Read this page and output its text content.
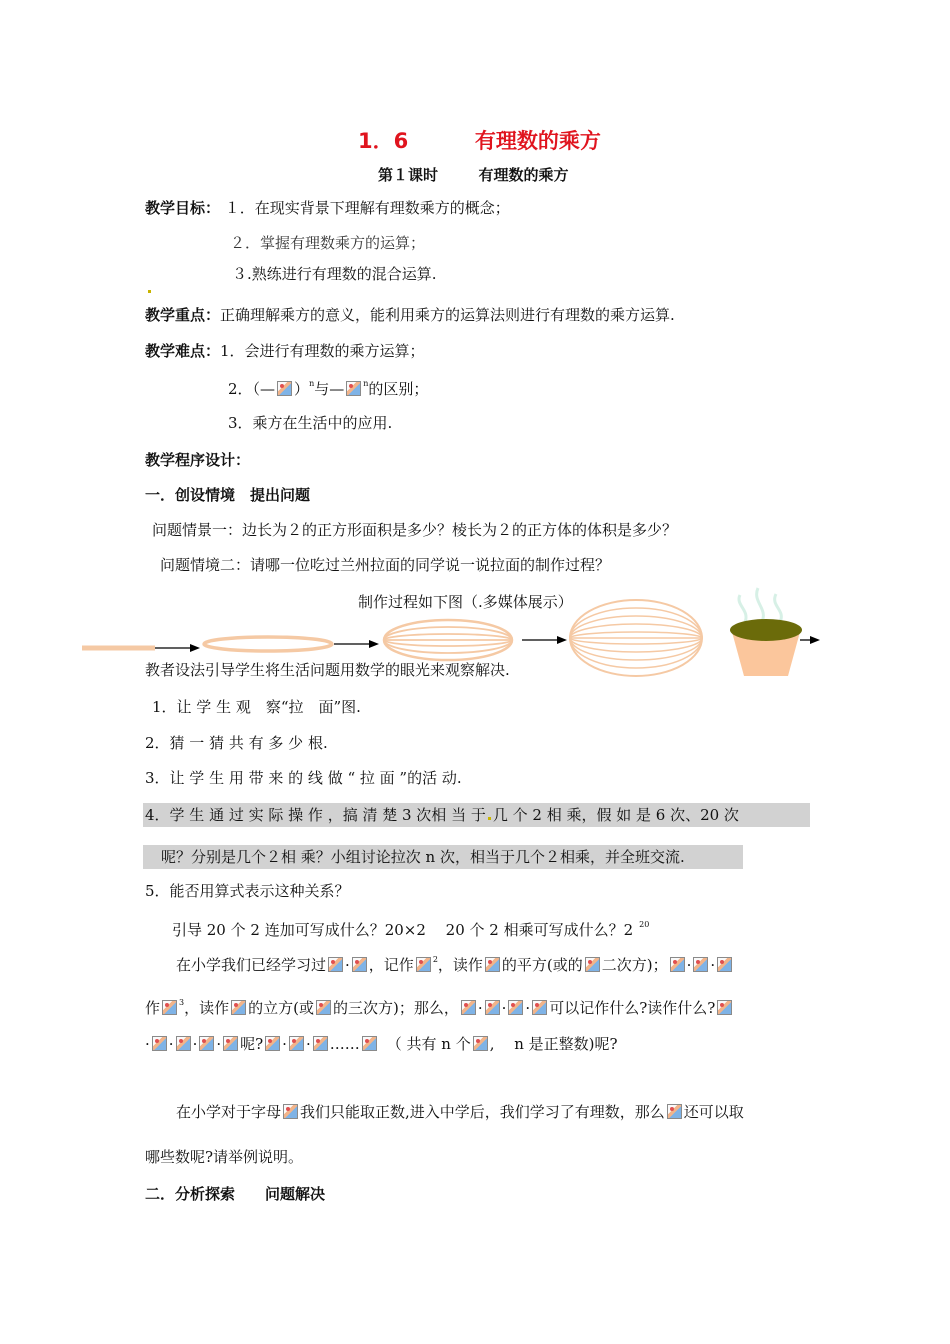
1．6	有理数的乘方
第１课时	有理数的乘方
教学目标： １．在现实背景下理解有理数乘方的概念；
２．掌握有理数乘方的运算；
３.熟练进行有理数的混合运算.
教学重点：正确理解乘方的意义，能利用乘方的运算法则进行有理数的乘方运算.
教学难点：1．会进行有理数的乘方运算；
2．（— ）$^n$与— $^n$的区别；
3．乘方在生活中的应用.
教学程序设计：
一．创设情境　提出问题
问题情景一：边长为２的正方形面积是多少？棱长为２的正方体的体积是多少？
问题情境二：请哪一位吃过兰州拉面的同学说一说拉面的制作过程？
制作过程如下图（.多媒体展示）
教者设法引导学生将生活问题用数学的眼光来观察解决.
1．让 学 生 观　察“拉　面”图.
2．猜 一 猜 共 有 多 少 根.
3．让 学 生 用 带 来 的 线 做 “ 拉 面 ”的活 动.
4．学 生 通 过 实 际 操 作 ，搞 清 楚 3 次相 当 于 几 个 2 相 乘，假 如 是 6 次、20 次
呢？分别是几个２相 乘？小组讨论拉次 n 次，相当于几个２相乘，并全班交流.
5．能否用算式表示这种关系？
引导 20 个 2 连加可写成什么？20×2　 20 个 2 相乘可写成什么？2 $^{20}$
在小学我们已经学习过 · ，记作 $^2$，读作 的平方(或的 二次方)； · ·
作 $^3$，读作 的立方(或 的三次方)；那么， · · · 可以记作什么?读作什么?
· · · · 呢? · · …… （ 共有 n 个 ,　 n 是正整数)呢?
在小学对于字母 我们只能取正数,进入中学后，我们学习了有理数，那么 还可以取
哪些数呢?请举例说明。
二．分析探索　　问题解决
